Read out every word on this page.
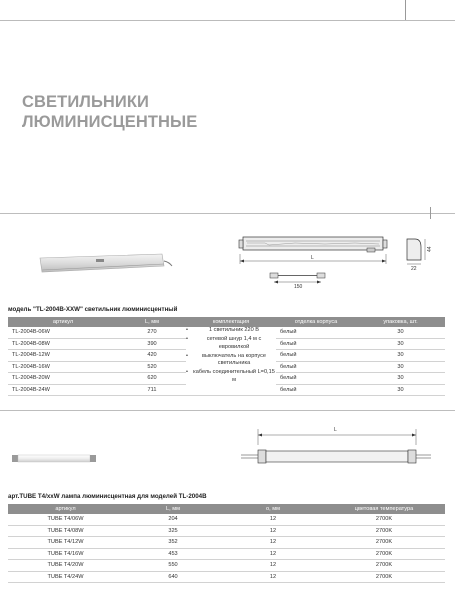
СВЕТИЛЬНИКИ
ЛЮМИНИСЦЕНТНЫЕ
L
150
44
22
модель "TL-2004B-XXW" светильник люминисцентный
артикул	L, мм	комплектация	отделка корпуса	упаковка, шт.
TL-2004B-06W	270	• 1 светильник 220 В
• сетевой шнур 1,4 м с евровилкой
• выключатель на корпусе светильника
• кабель соединительный L=0,15 м	белый	30
TL-2004B-08W	390		белый	30
TL-2004B-12W	420		белый	30
TL-2004B-16W	520		белый	30
TL-2004B-20W	620		белый	30
TL-2004B-24W	711		белый	30
L
арт.TUBE T4/xxW лампа люминисцентная для моделей TL-2004B
артикул	L, мм	о, мм	цветовая температура
TUBE T4/06W	204	12	2700K
TUBE T4/08W	325	12	2700K
TUBE T4/12W	352	12	2700K
TUBE T4/16W	453	12	2700K
TUBE T4/20W	550	12	2700K
TUBE T4/24W	640	12	2700K
